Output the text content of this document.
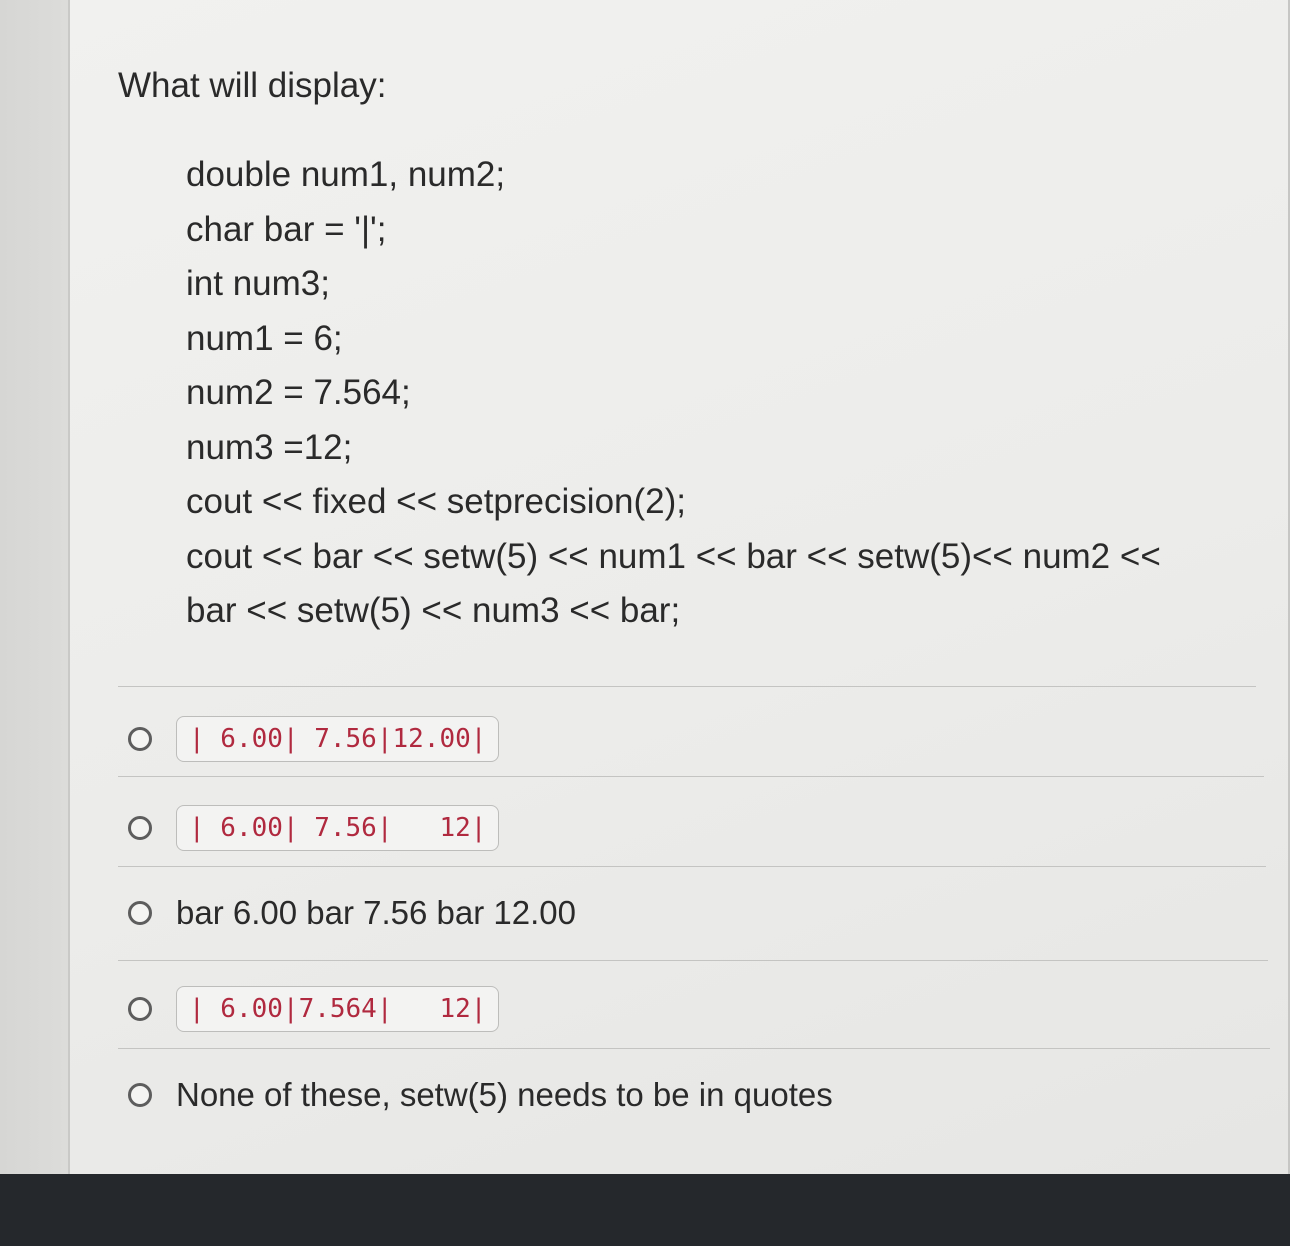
What will display:
double num1, num2;
char bar = '|';
int num3;
num1 = 6;
num2 = 7.564;
num3 =12;
cout << fixed << setprecision(2);
cout << bar << setw(5) << num1 << bar << setw(5)<< num2 <<
bar << setw(5) << num3 << bar;
| 6.00| 7.56|12.00|
| 6.00| 7.56|   12|
bar 6.00 bar 7.56 bar 12.00
| 6.00|7.564|   12|
None of these, setw(5) needs to be in quotes
